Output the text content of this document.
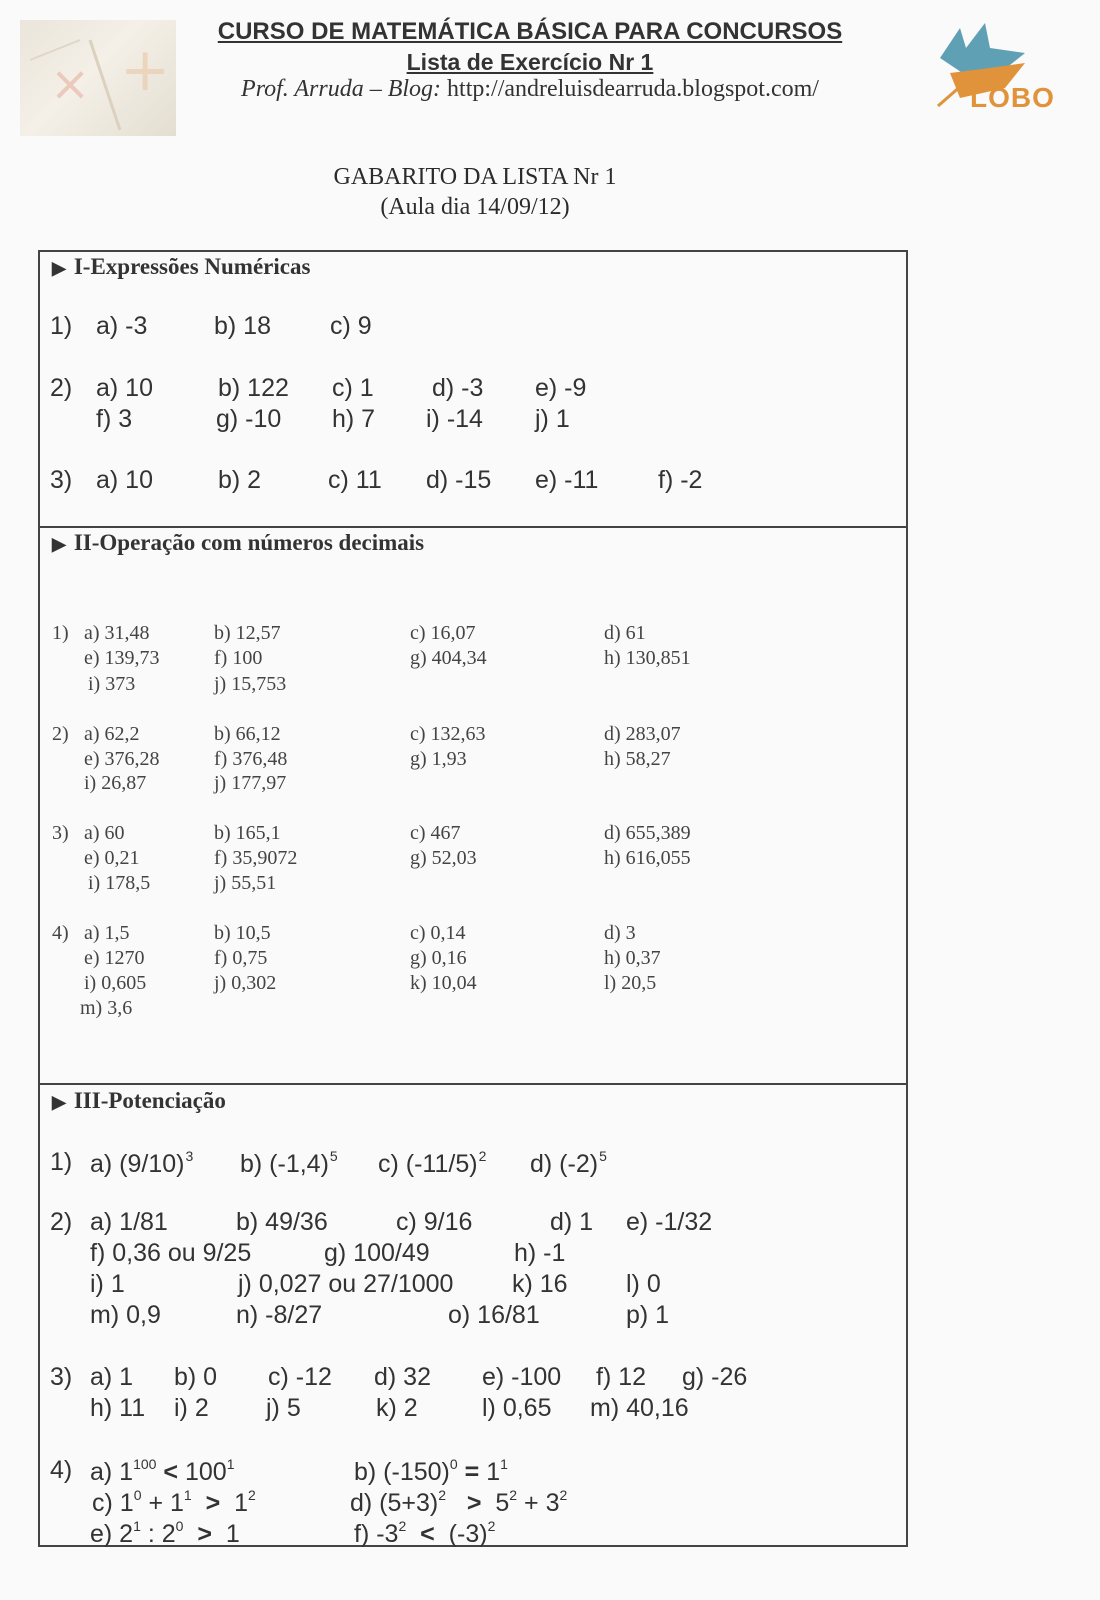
× +

CURSO DE MATEMÁTICA BÁSICA PARA CONCURSOS

Lista de Exercício Nr 1

Prof. Arruda – Blog: http://andreluisdearruda.blogspot.com/	LOBO

GABARITO DA LISTA Nr 1
(Aula dia 14/09/12)

▶ I-Expressões Numéricas

1) a) -3	b) 18 c) 9
2) a) 10	b) 122 c) 1 d) -3 e) -9
f) 3	g) -10 h) 7 i) -14 j) 1
3) a) 10	b) 2	c) 11 d) -15 e) -11 f) -2

▶ II-Operação com números decimais

1) a) 31,48	b) 12,57	c) 16,07	d) 61
e) 139,73	f) 100	g) 404,34	h) 130,851
i) 373	j) 15,753
2) a) 62,2	b) 66,12	c) 132,63	d) 283,07
e) 376,28	f) 376,48	g) 1,93	h) 58,27
i) 26,87	j) 177,97
3) a) 60	b) 165,1	c) 467	d) 655,389
e) 0,21	f) 35,9072	g) 52,03	h) 616,055
i) 178,5	j) 55,51
4) a) 1,5	b) 10,5	c) 0,14	d) 3
e) 1270	f) 0,75	g) 0,16	h) 0,37
i) 0,605	j) 0,302	k) 10,04	l) 20,5
m) 3,6

▶ III-Potenciação

1) a) $(9/10)^3$ b) $(-1,4)^5$ c) $(-11/5)^2$ d) $(-2)^5$
2) a) 1/81	b) 49/36	c) 9/16	d) 1 e) -1/32
f) 0,36 ou 9/25	g) 100/49	h) -1
i) 1	j) 0,027 ou 27/1000 k) 16 l) 0
m) 0,9	n) -8/27	o) 16/81	p) 1
3) a) 1 b) 0 c) -12 d) 32 e) -100 f) 12 g) -26
h) 11 i) 2 j) 5	k) 2	l) 0,65 m) 40,16
4) a) $1^{100} < 100^1$	b) $(-150)^0 = 1^1$
c) $1^0 + 1^1 > 1^2$	d) $(5+3)^2 > 5^2 + 3^2$
e) $2^1$ : $2^0 > 1$	f) $-3^2 < (-3)^2$
